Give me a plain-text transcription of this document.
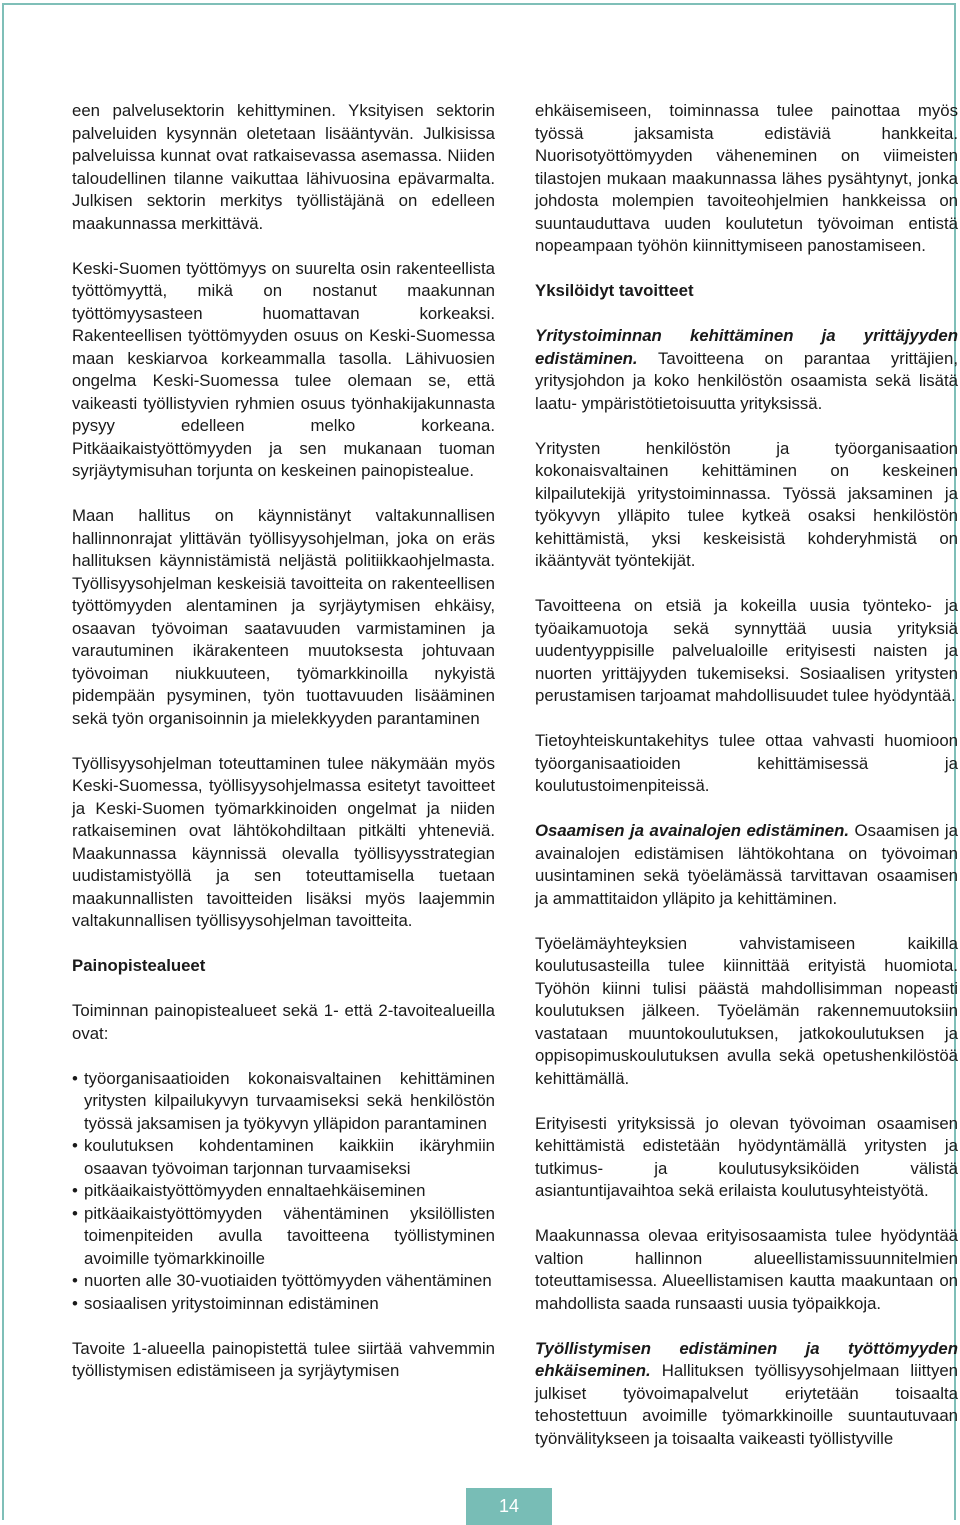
een palvelusektorin kehittyminen. Yksityisen sektorin palveluiden kysynnän oletetaan lisääntyvän. Julkisissa palveluissa kunnat ovat ratkaisevassa asemassa. Niiden taloudellinen tilanne vaikuttaa lähivuosina epävarmalta. Julkisen sektorin merkitys työllistäjänä on edelleen maakunnassa merkittävä.

Keski-Suomen työttömyys on suurelta osin rakenteellista työttömyyttä, mikä on nostanut maakunnan työttömyysasteen huomattavan korkeaksi. Rakenteellisen työttömyyden osuus on Keski-Suomessa maan keskiarvoa korkeammalla tasolla. Lähivuosien ongelma Keski-Suomessa tulee olemaan se, että vaikeasti työllistyvien ryhmien osuus työnhakijakunnasta pysyy edelleen melko korkeana. Pitkäaikaistyöttömyyden ja sen mukanaan tuoman syrjäytymisuhan torjunta on keskeinen painopistealue.

Maan hallitus on käynnistänyt valtakunnallisen hallinnonrajat ylittävän työllisyysohjelman, joka on eräs hallituksen käynnistämistä neljästä politiikkaohjelmasta. Työllisyysohjelman keskeisiä tavoitteita on rakenteellisen työttömyyden alentaminen ja syrjäytymisen ehkäisy, osaavan työvoiman saatavuuden varmistaminen ja varautuminen ikärakenteen muutoksesta johtuvaan työvoiman niukkuuteen, työmarkkinoilla nykyistä pidempään pysyminen, työn tuottavuuden lisääminen sekä työn organisoinnin ja mielekkyyden parantaminen

Työllisyysohjelman toteuttaminen tulee näkymään myös Keski-Suomessa, työllisyysohjelmassa esitetyt tavoitteet ja Keski-Suomen työmarkkinoiden ongelmat ja niiden ratkaiseminen ovat lähtökohdiltaan pitkälti yhteneviä. Maakunnassa käynnissä olevalla työllisyysstrategian uudistamistyöllä ja sen toteuttamisella tuetaan maakunnallisten tavoitteiden lisäksi myös laajemmin valtakunnallisen työllisyysohjelman tavoitteita.

Painopistealueet

Toiminnan painopistealueet sekä 1- että 2-tavoitealueilla ovat:

• työorganisaatioiden kokonaisvaltainen kehittäminen yritysten kilpailukyvyn turvaamiseksi sekä henkilöstön työssä jaksamisen ja työkyvyn ylläpidon parantaminen
• koulutuksen kohdentaminen kaikkiin ikäryhmiin osaavan työvoiman tarjonnan turvaamiseksi
• pitkäaikaistyöttömyyden ennaltaehkäiseminen
• pitkäaikaistyöttömyyden vähentäminen yksilöllisten toimenpiteiden avulla tavoitteena työllistyminen avoimille työmarkkinoille
• nuorten alle 30-vuotiaiden työttömyyden vähentäminen
• sosiaalisen yritystoiminnan edistäminen

Tavoite 1-alueella painopistettä tulee siirtää vahvemmin työllistymisen edistämiseen ja syrjäytymisen

ehkäisemiseen, toiminnassa tulee painottaa myös työssä jaksamista edistäviä hankkeita. Nuorisotyöttömyyden väheneminen on viimeisten tilastojen mukaan maakunnassa lähes pysähtynyt, jonka johdosta molempien tavoiteohjelmien hankkeissa on suuntauduttava uuden koulutetun työvoiman entistä nopeampaan työhön kiinnittymiseen panostamiseen.

Yksilöidyt tavoitteet

Yritystoiminnan kehittäminen ja yrittäjyyden edistäminen. Tavoitteena on parantaa yrittäjien, yritysjohdon ja koko henkilöstön osaamista sekä lisätä laatu- ympäristötietoisuutta yrityksissä.

Yritysten henkilöstön ja työorganisaation kokonaisvaltainen kehittäminen on keskeinen kilpailutekijä yritystoiminnassa. Työssä jaksaminen ja työkyvyn ylläpito tulee kytkeä osaksi henkilöstön kehittämistä, yksi keskeisistä kohderyhmistä on ikääntyvät työntekijät.

Tavoitteena on etsiä ja kokeilla uusia työnteko- ja työaikamuotoja sekä synnyttää uusia yrityksiä uudentyyppisille palvelualoille erityisesti naisten ja nuorten yrittäjyyden tukemiseksi. Sosiaalisen yritysten perustamisen tarjoamat mahdollisuudet tulee hyödyntää.

Tietoyhteiskuntakehitys tulee ottaa vahvasti huomioon työorganisaatioiden kehittämisessä ja koulutustoimenpiteissä.

Osaamisen ja avainalojen edistäminen. Osaamisen ja avainalojen edistämisen lähtökohtana on työvoiman uusintaminen sekä työelämässä tarvittavan osaamisen ja ammattitaidon ylläpito ja kehittäminen.

Työelämäyhteyksien vahvistamiseen kaikilla koulutusasteilla tulee kiinnittää erityistä huomiota. Työhön kiinni tulisi päästä mahdollisimman nopeasti koulutuksen jälkeen. Työelämän rakennemuutoksiin vastataan muuntokoulutuksen, jatkokoulutuksen ja oppisopimuskoulutuksen avulla sekä opetushenkilöstöä kehittämällä.

Erityisesti yrityksissä jo olevan työvoiman osaamisen kehittämistä edistetään hyödyntämällä yritysten ja tutkimus- ja koulutusyksiköiden välistä asiantuntijavaihtoa sekä erilaista koulutusyhteistyötä.

Maakunnassa olevaa erityisosaamista tulee hyödyntää valtion hallinnon alueellistamissuunnitelmien toteuttamisessa. Alueellistamisen kautta maakuntaan on mahdollista saada runsaasti uusia työpaikkoja.

Työllistymisen edistäminen ja työttömyyden ehkäiseminen. Hallituksen työllisyysohjelmaan liittyen julkiset työvoimapalvelut eriytetään toisaalta tehostettuun avoimille työmarkkinoille suuntautuvaan työnvälitykseen ja toisaalta vaikeasti työllistyville

14
